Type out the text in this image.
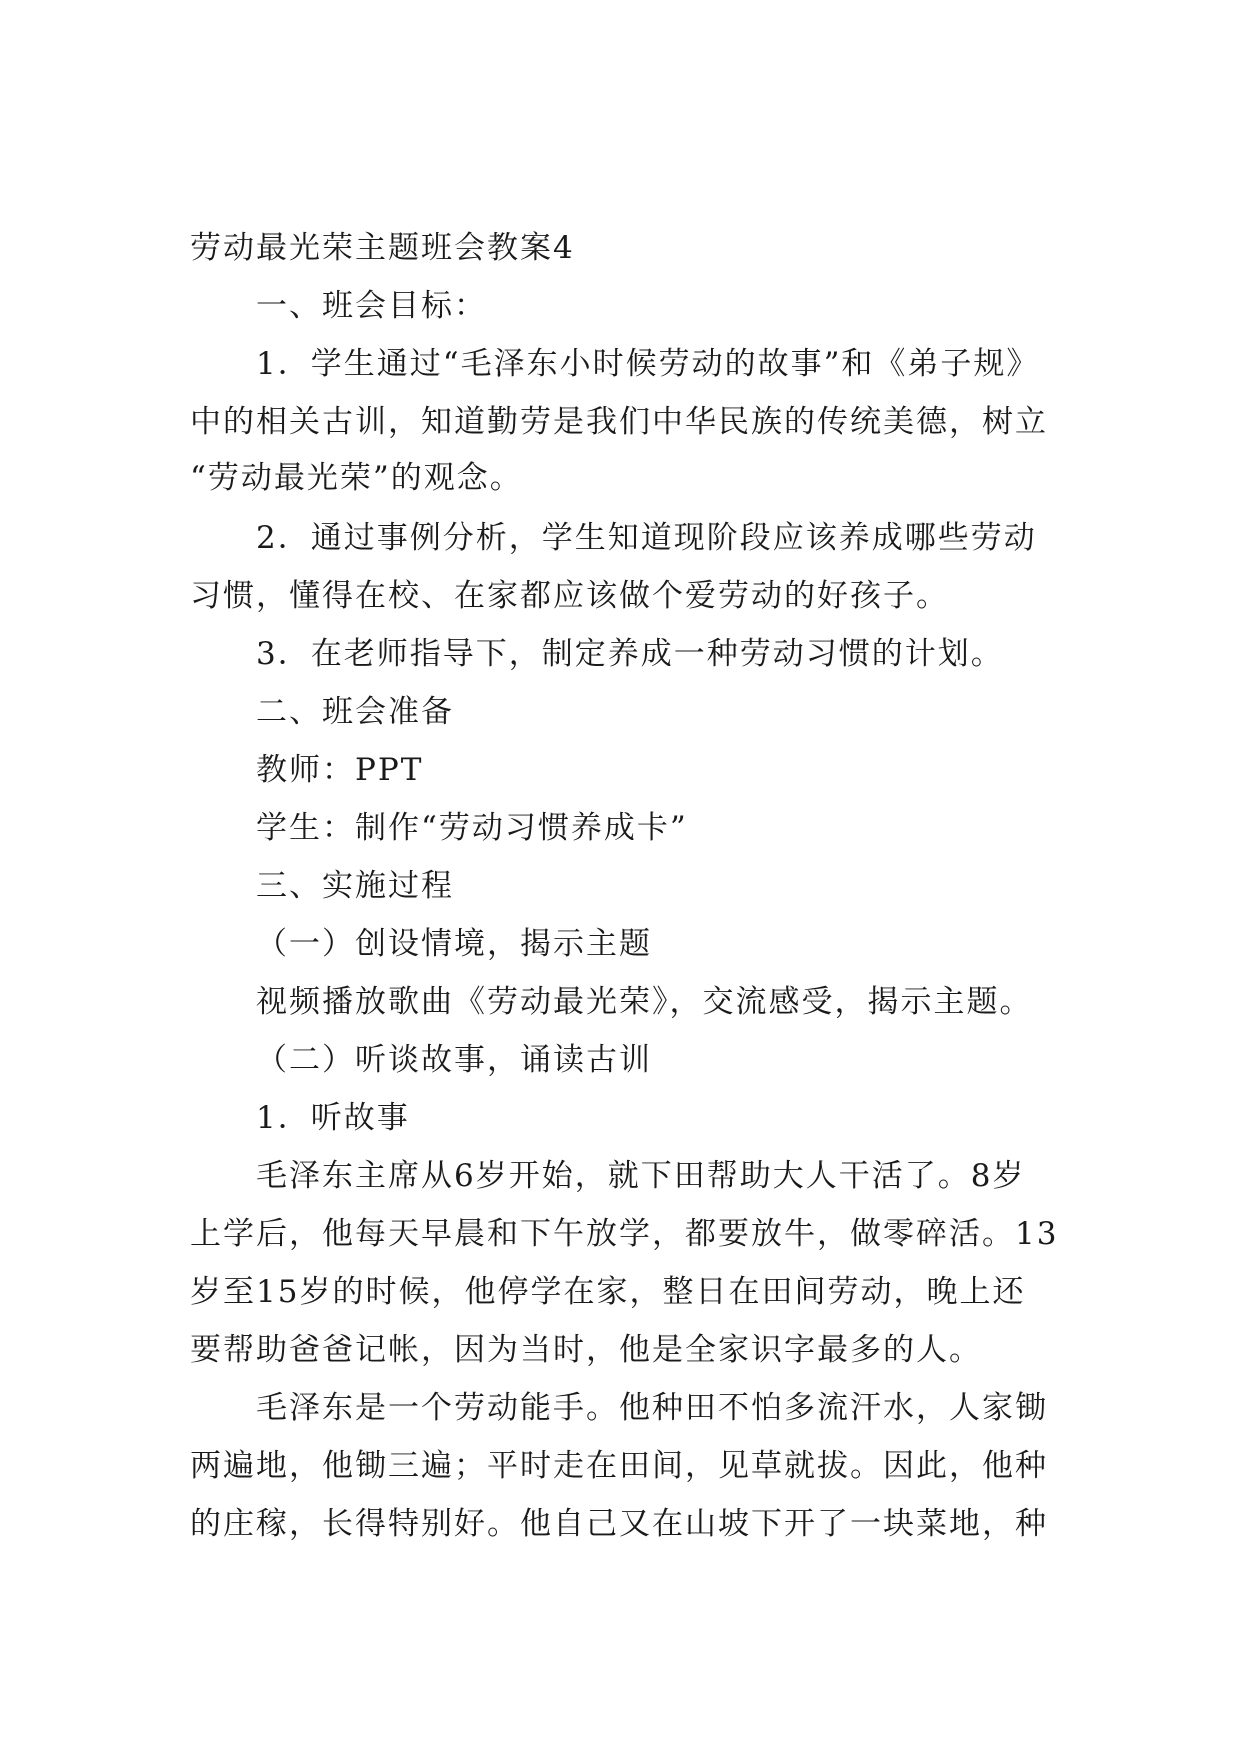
劳动最光荣主题班会教案4
一、班会目标：
1．学生通过“毛泽东小时候劳动的故事”和《弟子规》
中的相关古训，知道勤劳是我们中华民族的传统美德，树立
“劳动最光荣”的观念。
2．通过事例分析，学生知道现阶段应该养成哪些劳动
习惯，懂得在校、在家都应该做个爱劳动的好孩子。
3．在老师指导下，制定养成一种劳动习惯的计划。
二、班会准备
教师：PPT
学生：制作“劳动习惯养成卡”
三、实施过程
（一）创设情境，揭示主题
视频播放歌曲《劳动最光荣》，交流感受，揭示主题。
（二）听谈故事，诵读古训
1．听故事
毛泽东主席从6岁开始，就下田帮助大人干活了。8岁
上学后，他每天早晨和下午放学，都要放牛，做零碎活。13
岁至15岁的时候，他停学在家，整日在田间劳动，晚上还
要帮助爸爸记帐，因为当时，他是全家识字最多的人。
毛泽东是一个劳动能手。他种田不怕多流汗水，人家锄
两遍地，他锄三遍；平时走在田间，见草就拔。因此，他种
的庄稼，长得特别好。他自己又在山坡下开了一块菜地，种
